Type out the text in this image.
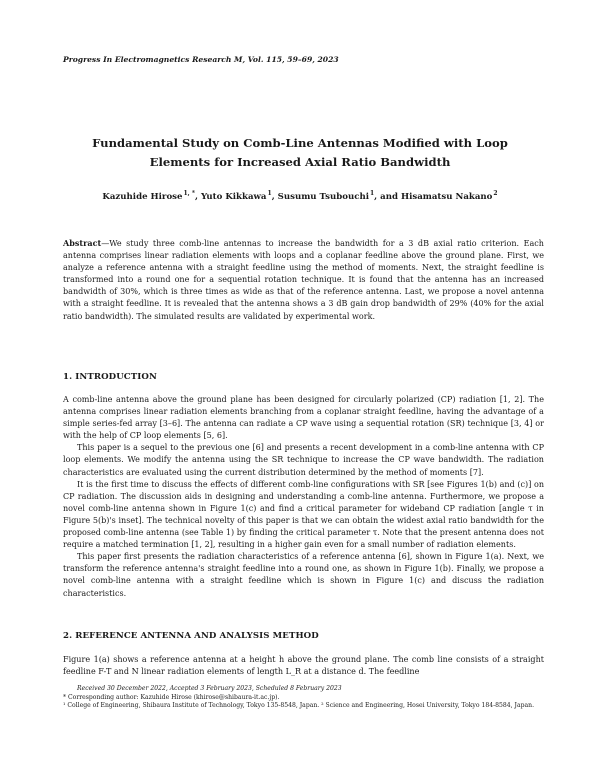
Progress In Electromagnetics Research M, Vol. 115, 59–69, 2023
Fundamental Study on Comb-Line Antennas Modified with Loop
Elements for Increased Axial Ratio Bandwidth
Kazuhide Hirose$^{1, *}$, Yuto Kikkawa$^1$, Susumu Tsubouchi$^1$, and Hisamatsu Nakano$^2$
Abstract—We study three comb-line antennas to increase the bandwidth for a 3 dB axial ratio criterion. Each antenna comprises linear radiation elements with loops and a coplanar feedline above the ground plane. First, we analyze a reference antenna with a straight feedline using the method of moments. Next, the straight feedline is transformed into a round one for a sequential rotation technique. It is found that the antenna has an increased bandwidth of 30%, which is three times as wide as that of the reference antenna. Last, we propose a novel antenna with a straight feedline. It is revealed that the antenna shows a 3 dB gain drop bandwidth of 29% (40% for the axial ratio bandwidth). The simulated results are validated by experimental work.
1. INTRODUCTION

A comb-line antenna above the ground plane has been designed for circularly polarized (CP) radiation [1, 2]. The antenna comprises linear radiation elements branching from a coplanar straight feedline, having the advantage of a simple series-fed array [3–6]. The antenna can radiate a CP wave using a sequential rotation (SR) technique [3, 4] or with the help of CP loop elements [5, 6].

This paper is a sequel to the previous one [6] and presents a recent development in a comb-line antenna with CP loop elements. We modify the antenna using the SR technique to increase the CP wave bandwidth. The radiation characteristics are evaluated using the current distribution determined by the method of moments [7].

It is the first time to discuss the effects of different comb-line configurations with SR [see Figures 1(b) and (c)] on CP radiation. The discussion aids in designing and understanding a comb-line antenna. Furthermore, we propose a novel comb-line antenna shown in Figure 1(c) and find a critical parameter for wideband CP radiation [angle τ in Figure 5(b)'s inset]. The technical novelty of this paper is that we can obtain the widest axial ratio bandwidth for the proposed comb-line antenna (see Table 1) by finding the critical parameter τ. Note that the present antenna does not require a matched termination [1, 2], resulting in a higher gain even for a small number of radiation elements.

This paper first presents the radiation characteristics of a reference antenna [6], shown in Figure 1(a). Next, we transform the reference antenna's straight feedline into a round one, as shown in Figure 1(b). Finally, we propose a novel comb-line antenna with a straight feedline which is shown in Figure 1(c) and discuss the radiation characteristics.

2. REFERENCE ANTENNA AND ANALYSIS METHOD

Figure 1(a) shows a reference antenna at a height h above the ground plane. The comb line consists of a straight feedline F-T and N linear radiation elements of length L_R at a distance d. The feedline

Received 30 December 2022, Accepted 3 February 2023, Scheduled 8 February 2023
* Corresponding author: Kazuhide Hirose (khirose@shibaura-it.ac.jp).
¹ College of Engineering, Shibaura Institute of Technology, Tokyo 135-8548, Japan. ² Science and Engineering, Hosei University, Tokyo 184-8584, Japan.
